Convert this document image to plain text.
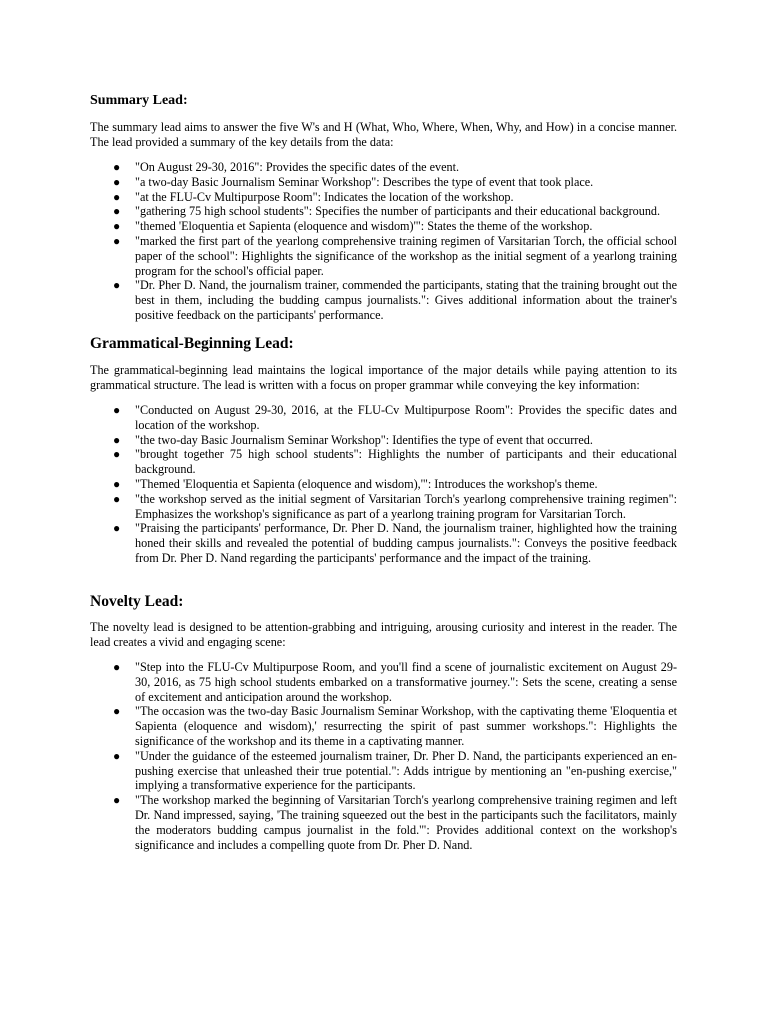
Summary Lead:

The summary lead aims to answer the five W's and H (What, Who, Where, When, Why, and How) in a concise manner. The lead provided a summary of the key details from the data:

● "On August 29-30, 2016": Provides the specific dates of the event.
● "a two-day Basic Journalism Seminar Workshop": Describes the type of event that took place.
● "at the FLU-Cv Multipurpose Room": Indicates the location of the workshop.
● "gathering 75 high school students": Specifies the number of participants and their educational background.
● "themed 'Eloquentia et Sapienta (eloquence and wisdom)'": States the theme of the workshop.
● "marked the first part of the yearlong comprehensive training regimen of Varsitarian Torch, the official school paper of the school": Highlights the significance of the workshop as the initial segment of a yearlong training program for the school's official paper.
● "Dr. Pher D. Nand, the journalism trainer, commended the participants, stating that the training brought out the best in them, including the budding campus journalists.": Gives additional information about the trainer's positive feedback on the participants' performance.
Grammatical-Beginning Lead:

The grammatical-beginning lead maintains the logical importance of the major details while paying attention to its grammatical structure. The lead is written with a focus on proper grammar while conveying the key information:

● "Conducted on August 29-30, 2016, at the FLU-Cv Multipurpose Room": Provides the specific dates and location of the workshop.
● "the two-day Basic Journalism Seminar Workshop": Identifies the type of event that occurred.
● "brought together 75 high school students": Highlights the number of participants and their educational background.
● "Themed 'Eloquentia et Sapienta (eloquence and wisdom),'": Introduces the workshop's theme.
● "the workshop served as the initial segment of Varsitarian Torch's yearlong comprehensive training regimen": Emphasizes the workshop's significance as part of a yearlong training program for Varsitarian Torch.
● "Praising the participants' performance, Dr. Pher D. Nand, the journalism trainer, highlighted how the training honed their skills and revealed the potential of budding campus journalists.": Conveys the positive feedback from Dr. Pher D. Nand regarding the participants' performance and the impact of the training.
Novelty Lead:

The novelty lead is designed to be attention-grabbing and intriguing, arousing curiosity and interest in the reader. The lead creates a vivid and engaging scene:

● "Step into the FLU-Cv Multipurpose Room, and you'll find a scene of journalistic excitement on August 29-30, 2016, as 75 high school students embarked on a transformative journey.": Sets the scene, creating a sense of excitement and anticipation around the workshop.
● "The occasion was the two-day Basic Journalism Seminar Workshop, with the captivating theme 'Eloquentia et Sapienta (eloquence and wisdom),' resurrecting the spirit of past summer workshops.": Highlights the significance of the workshop and its theme in a captivating manner.
● "Under the guidance of the esteemed journalism trainer, Dr. Pher D. Nand, the participants experienced an en-pushing exercise that unleashed their true potential.": Adds intrigue by mentioning an "en-pushing exercise," implying a transformative experience for the participants.
● "The workshop marked the beginning of Varsitarian Torch's yearlong comprehensive training regimen and left Dr. Nand impressed, saying, 'The training squeezed out the best in the participants such the facilitators, mainly the moderators budding campus journalist in the fold.'": Provides additional context on the workshop's significance and includes a compelling quote from Dr. Pher D. Nand.
